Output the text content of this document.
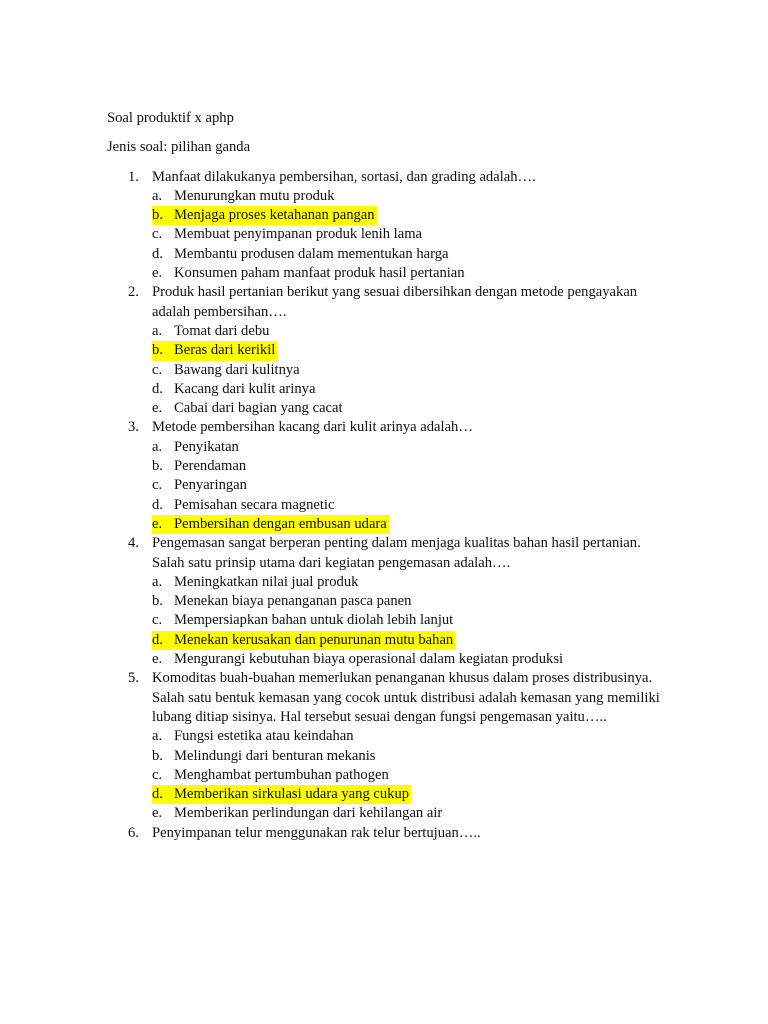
Soal produktif x aphp
Jenis soal: pilihan ganda
1. Manfaat dilakukanya pembersihan, sortasi, dan grading adalah….
a. Menurungkan mutu produk
b. Menjaga proses ketahanan pangan
c. Membuat penyimpanan produk lenih lama
d. Membantu produsen dalam mementukan harga
e. Konsumen paham manfaat produk hasil pertanian
2. Produk hasil pertanian berikut yang sesuai dibersihkan dengan metode pengayakan adalah pembersihan….
a. Tomat dari debu
b. Beras dari kerikil
c. Bawang dari kulitnya
d. Kacang dari kulit arinya
e. Cabai dari bagian yang cacat
3. Metode pembersihan kacang dari kulit arinya adalah…
a. Penyikatan
b. Perendaman
c. Penyaringan
d. Pemisahan secara magnetic
e. Pembersihan dengan embusan udara
4. Pengemasan sangat berperan penting dalam menjaga kualitas bahan hasil pertanian. Salah satu prinsip utama dari kegiatan pengemasan adalah….
a. Meningkatkan nilai jual produk
b. Menekan biaya penanganan pasca panen
c. Mempersiapkan bahan untuk diolah lebih lanjut
d. Menekan kerusakan dan penurunan mutu bahan
e. Mengurangi kebutuhan biaya operasional dalam kegiatan produksi
5. Komoditas buah-buahan memerlukan penanganan khusus dalam proses distribusinya. Salah satu bentuk kemasan yang cocok untuk distribusi adalah kemasan yang memiliki lubang ditiap sisinya. Hal tersebut sesuai dengan fungsi pengemasan yaitu…..
a. Fungsi estetika atau keindahan
b. Melindungi dari benturan mekanis
c. Menghambat pertumbuhan pathogen
d. Memberikan sirkulasi udara yang cukup
e. Memberikan perlindungan dari kehilangan air
6. Penyimpanan telur menggunakan rak telur bertujuan…..
